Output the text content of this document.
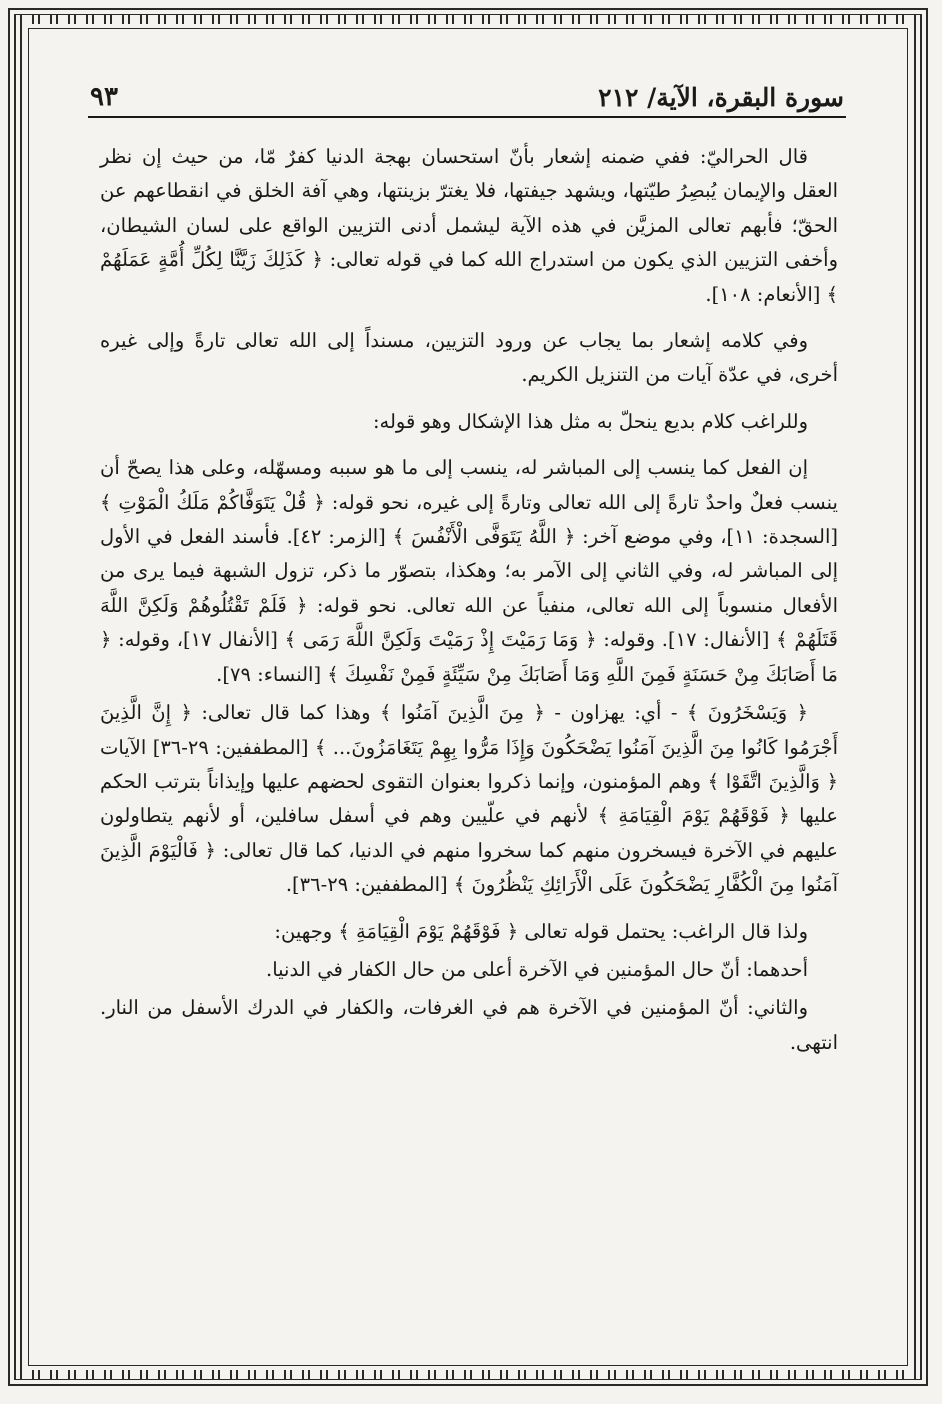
سورة البقرة، الآية/ ٢١٢
٩٣

قال الحراليّ: ففي ضمنه إشعار بأنّ استحسان بهجة الدنيا كفرٌ مّا، من حيث إن نظر العقل والإيمان يُبصِرُ طيّتها، ويشهد جيفتها، فلا يغترّ بزينتها، وهي آفة الخلق في انقطاعهم عن الحقّ؛ فأبهم تعالى المزيَّن في هذه الآية ليشمل أدنى التزيين الواقع على لسان الشيطان، وأخفى التزيين الذي يكون من استدراج الله كما في قوله تعالى: ﴿ كَذَلِكَ زَيَّنَّا لِكُلِّ أُمَّةٍ عَمَلَهُمْ ﴾ [الأنعام: ١٠٨].

وفي كلامه إشعار بما يجاب عن ورود التزيين، مسنداً إلى الله تعالى تارةً وإلى غيره أخرى، في عدّة آيات من التنزيل الكريم.

وللراغب كلام بديع ينحلّ به مثل هذا الإشكال وهو قوله:

إن الفعل كما ينسب إلى المباشر له، ينسب إلى ما هو سببه ومسهّله، وعلى هذا يصحّ أن ينسب فعلٌ واحدٌ تارةً إلى الله تعالى وتارةً إلى غيره، نحو قوله: ﴿ قُلْ يَتَوَفَّاكُمْ مَلَكُ الْمَوْتِ ﴾ [السجدة: ١١]، وفي موضع آخر: ﴿ اللَّهُ يَتَوَفَّى الْأَنْفُسَ ﴾ [الزمر: ٤٢]. فأسند الفعل في الأول إلى المباشر له، وفي الثاني إلى الآمر به؛ وهكذا، بتصوّر ما ذكر، تزول الشبهة فيما يرى من الأفعال منسوباً إلى الله تعالى، منفياً عن الله تعالى. نحو قوله: ﴿ فَلَمْ تَقْتُلُوهُمْ وَلَكِنَّ اللَّهَ قَتَلَهُمْ ﴾ [الأنفال: ١٧]. وقوله: ﴿ وَمَا رَمَيْتَ إِذْ رَمَيْتَ وَلَكِنَّ اللَّهَ رَمَى ﴾ [الأنفال ١٧]، وقوله: ﴿ مَا أَصَابَكَ مِنْ حَسَنَةٍ فَمِنَ اللَّهِ وَمَا أَصَابَكَ مِنْ سَيِّئَةٍ فَمِنْ نَفْسِكَ ﴾ [النساء: ٧٩].

﴿ وَيَسْخَرُونَ ﴾ - أي: يهزاون - ﴿ مِنَ الَّذِينَ آمَنُوا ﴾ وهذا كما قال تعالى: ﴿ إِنَّ الَّذِينَ أَجْرَمُوا كَانُوا مِنَ الَّذِينَ آمَنُوا يَضْحَكُونَ وَإِذَا مَرُّوا بِهِمْ يَتَغَامَزُونَ... ﴾ [المطففين: ٢٩-٣٦] الآيات ﴿ وَالَّذِينَ اتَّقَوْا ﴾ وهم المؤمنون، وإنما ذكروا بعنوان التقوى لحضهم عليها وإيذاناً بترتب الحكم عليها ﴿ فَوْقَهُمْ يَوْمَ الْقِيَامَةِ ﴾ لأنهم في علّيين وهم في أسفل سافلين، أو لأنهم يتطاولون عليهم في الآخرة فيسخرون منهم كما سخروا منهم في الدنيا، كما قال تعالى: ﴿ فَالْيَوْمَ الَّذِينَ آمَنُوا مِنَ الْكُفَّارِ يَضْحَكُونَ عَلَى الْأَرَائِكِ يَنْظُرُونَ ﴾ [المطففين: ٢٩-٣٦].

ولذا قال الراغب: يحتمل قوله تعالى ﴿ فَوْقَهُمْ يَوْمَ الْقِيَامَةِ ﴾ وجهين:

أحدهما: أنّ حال المؤمنين في الآخرة أعلى من حال الكفار في الدنيا.

والثاني: أنّ المؤمنين في الآخرة هم في الغرفات، والكفار في الدرك الأسفل من النار. انتهى.
